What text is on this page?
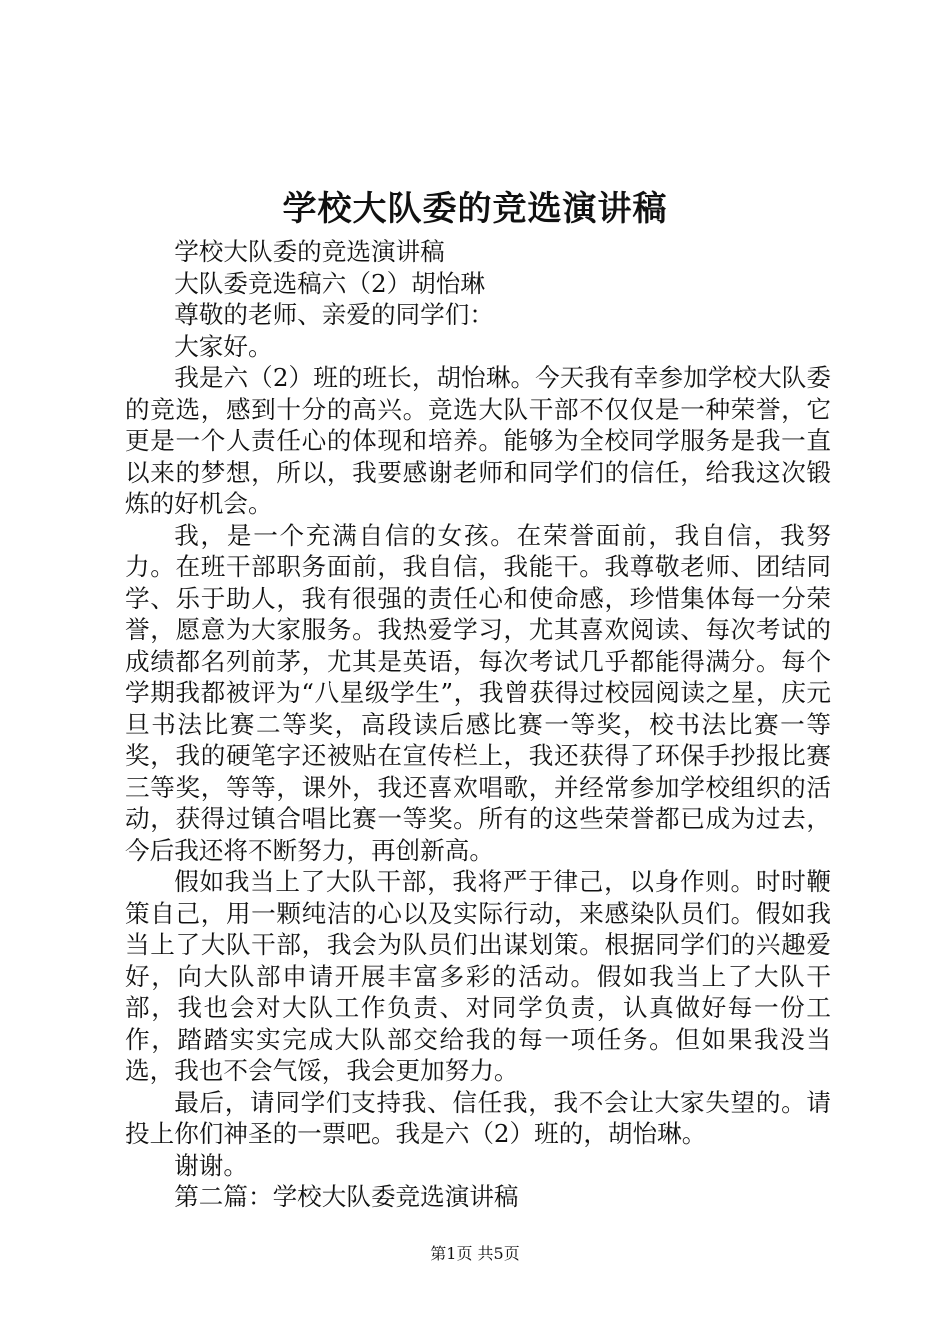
学校大队委的竞选演讲稿

学校大队委的竞选演讲稿

大队委竞选稿六（2）胡怡琳

尊敬的老师、亲爱的同学们：

大家好。

我是六（2）班的班长，胡怡琳。今天我有幸参加学校大队委的竞选，感到十分的高兴。竞选大队干部不仅仅是一种荣誉，它更是一个人责任心的体现和培养。能够为全校同学服务是我一直以来的梦想，所以，我要感谢老师和同学们的信任，给我这次锻炼的好机会。

我，是一个充满自信的女孩。在荣誉面前，我自信，我努力。在班干部职务面前，我自信，我能干。我尊敬老师、团结同学、乐于助人，我有很强的责任心和使命感，珍惜集体每一分荣誉，愿意为大家服务。我热爱学习，尤其喜欢阅读、每次考试的成绩都名列前茅，尤其是英语，每次考试几乎都能得满分。每个学期我都被评为“八星级学生”，我曾获得过校园阅读之星，庆元旦书法比赛二等奖，高段读后感比赛一等奖，校书法比赛一等奖，我的硬笔字还被贴在宣传栏上，我还获得了环保手抄报比赛三等奖，等等，课外，我还喜欢唱歌，并经常参加学校组织的活动，获得过镇合唱比赛一等奖。所有的这些荣誉都已成为过去，今后我还将不断努力，再创新高。

假如我当上了大队干部，我将严于律己，以身作则。时时鞭策自己，用一颗纯洁的心以及实际行动，来感染队员们。假如我当上了大队干部，我会为队员们出谋划策。根据同学们的兴趣爱好，向大队部申请开展丰富多彩的活动。假如我当上了大队干部，我也会对大队工作负责、对同学负责，认真做好每一份工作，踏踏实实完成大队部交给我的每一项任务。但如果我没当选，我也不会气馁，我会更加努力。

最后，请同学们支持我、信任我，我不会让大家失望的。请投上你们神圣的一票吧。我是六（2）班的，胡怡琳。

谢谢。

第二篇：学校大队委竞选演讲稿

第1页 共5页
